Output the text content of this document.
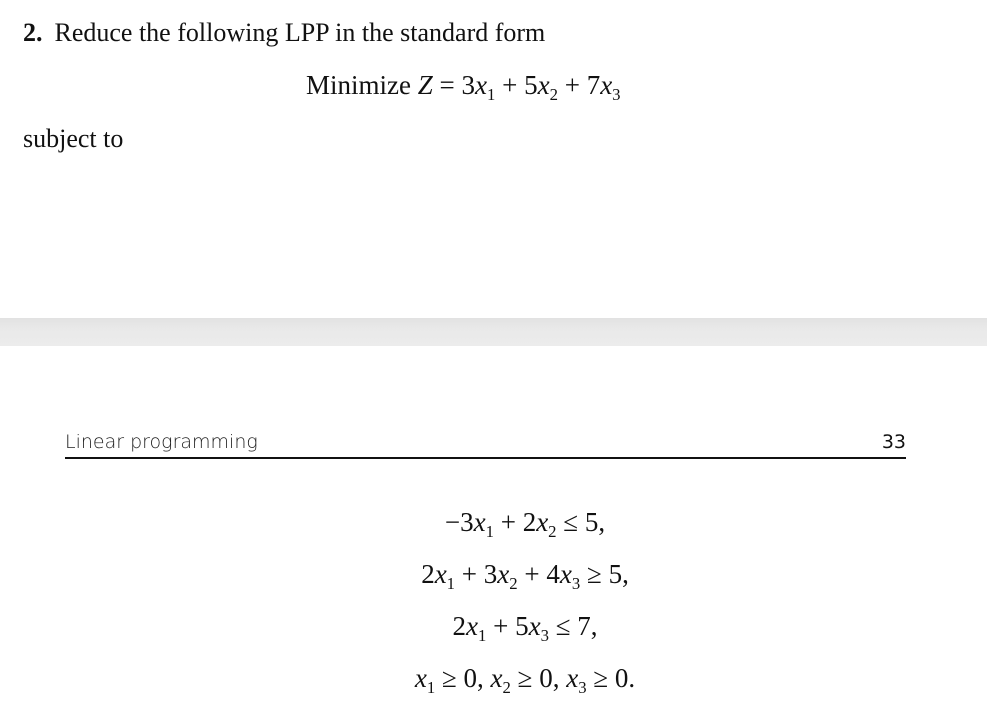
2. Reduce the following LPP in the standard form
Minimize $Z = 3x_1 + 5x_2 + 7x_3$
subject to
Linear programming	33
$-3x_1 + 2x_2 \le 5$,
$2x_1 + 3x_2 + 4x_3 \ge 5$,
$2x_1 + 5x_3 \le 7$,
$x_1 \ge 0$, $x_2 \ge 0$, $x_3 \ge 0$.
